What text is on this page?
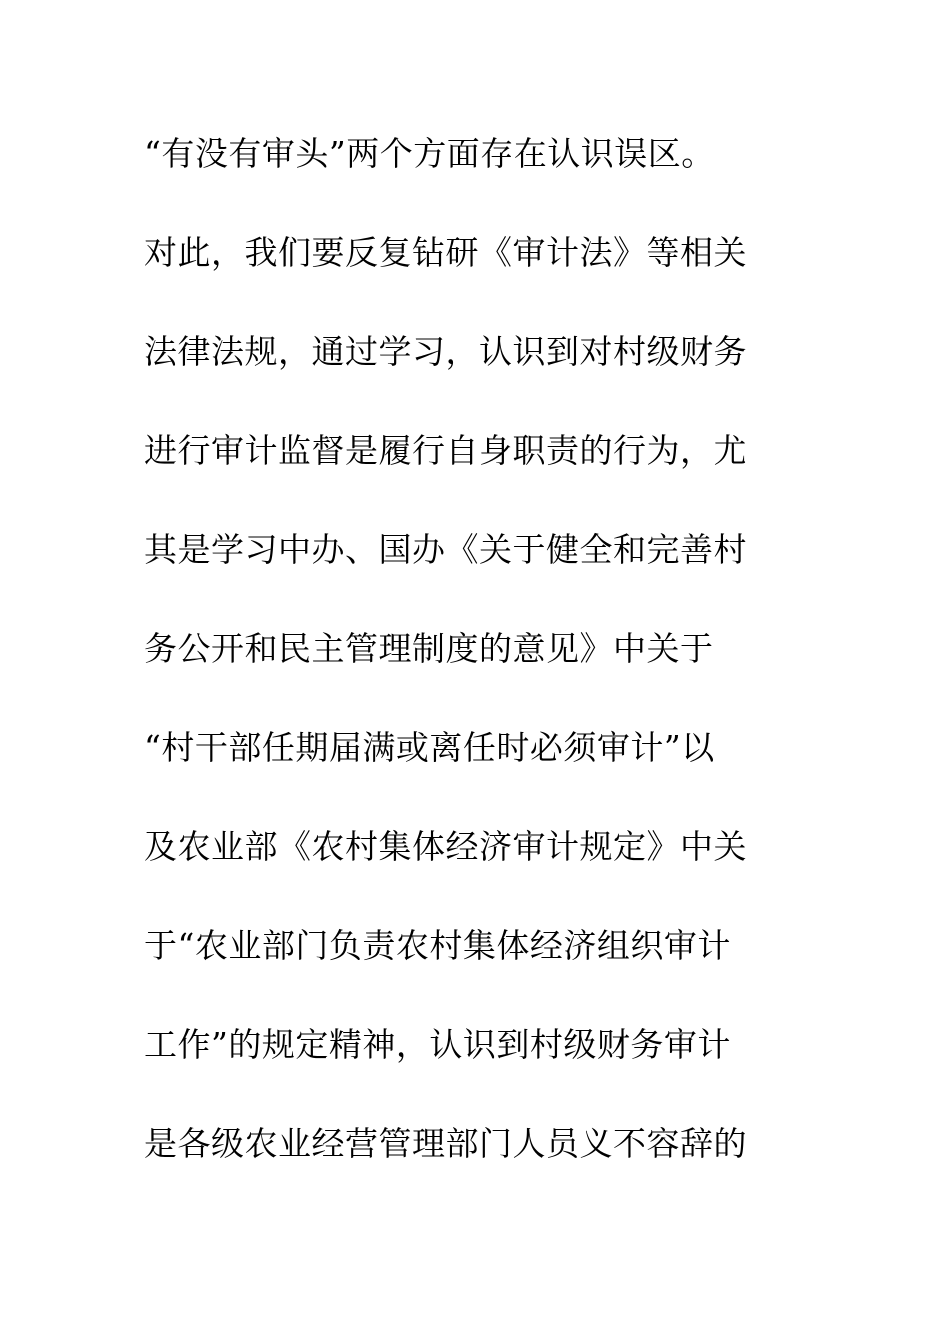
“有没有审头”两个方面存在认识误区。
对此，我们要反复钻研《审计法》等相关
法律法规，通过学习，认识到对村级财务
进行审计监督是履行自身职责的行为，尤
其是学习中办、国办《关于健全和完善村
务公开和民主管理制度的意见》中关于
“村干部任期届满或离任时必须审计”以
及农业部《农村集体经济审计规定》中关
于“农业部门负责农村集体经济组织审计
工作”的规定精神，认识到村级财务审计
是各级农业经营管理部门人员义不容辞的
